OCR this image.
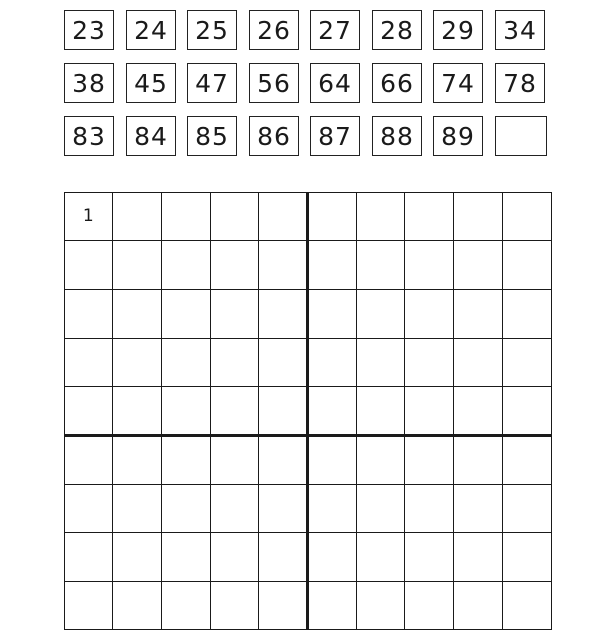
23	24	25	26	27	28	29	34
38	45	47	56	64	66	74	78
83	84	85	86	87	88	89
1
